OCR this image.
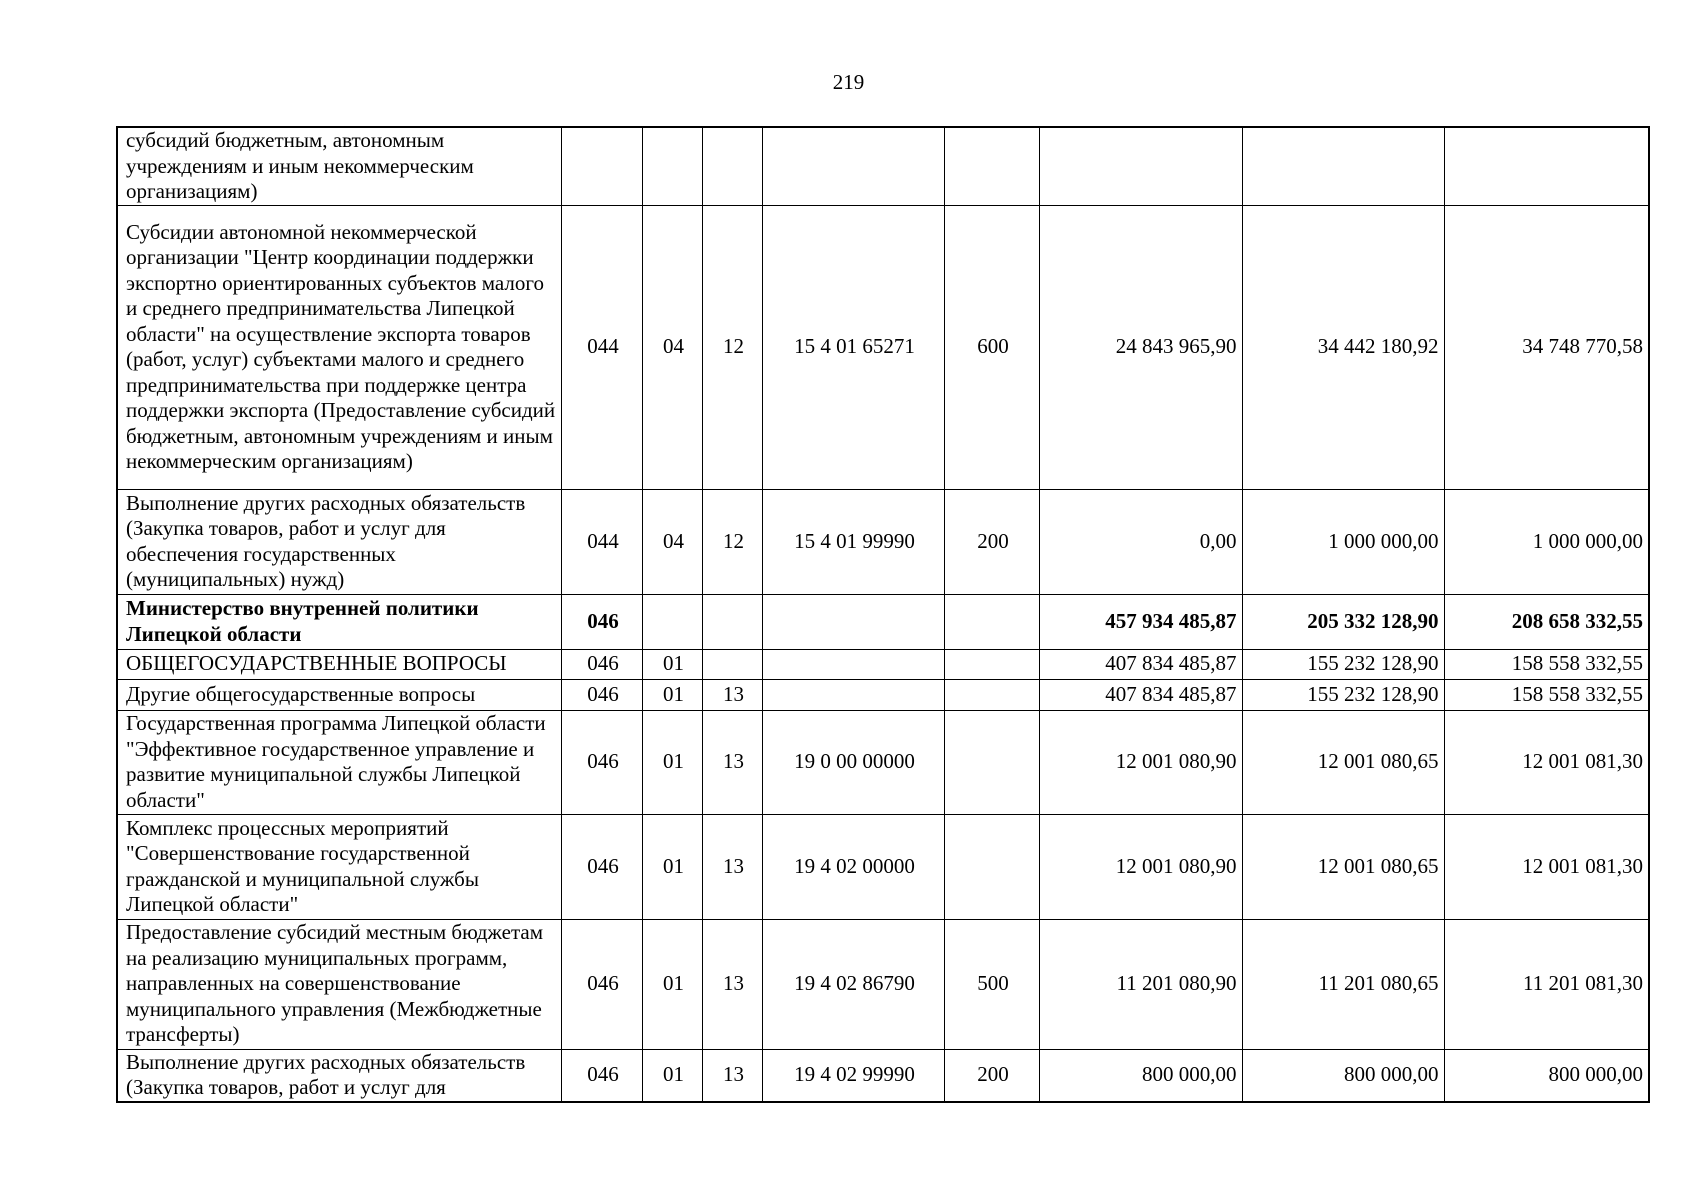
219
субсидий бюджетным, автономным учреждениям и иным некоммерческим организациям)								
Субсидии автономной некоммерческой организации "Центр координации поддержки экспортно ориентированных субъектов малого и среднего предпринимательства Липецкой области" на осуществление экспорта товаров (работ, услуг) субъектами малого и среднего предпринимательства при поддержке центра поддержки экспорта (Предоставление субсидий бюджетным, автономным учреждениям и иным некоммерческим организациям)	044	04	12	15 4 01 65271	600	24 843 965,90	34 442 180,92	34 748 770,58
Выполнение других расходных обязательств (Закупка товаров, работ и услуг для обеспечения государственных (муниципальных) нужд)	044	04	12	15 4 01 99990	200	0,00	1 000 000,00	1 000 000,00
Министерство внутренней политики Липецкой области	046					457 934 485,87	205 332 128,90	208 658 332,55
ОБЩЕГОСУДАРСТВЕННЫЕ ВОПРОСЫ	046	01				407 834 485,87	155 232 128,90	158 558 332,55
Другие общегосударственные вопросы	046	01	13			407 834 485,87	155 232 128,90	158 558 332,55
Государственная программа Липецкой области "Эффективное государственное управление и развитие муниципальной службы Липецкой области"	046	01	13	19 0 00 00000		12 001 080,90	12 001 080,65	12 001 081,30
Комплекс процессных мероприятий "Совершенствование государственной гражданской и муниципальной службы Липецкой области"	046	01	13	19 4 02 00000		12 001 080,90	12 001 080,65	12 001 081,30
Предоставление субсидий местным бюджетам на реализацию муниципальных программ, направленных на совершенствование муниципального управления (Межбюджетные трансферты)	046	01	13	19 4 02 86790	500	11 201 080,90	11 201 080,65	11 201 081,30
Выполнение других расходных обязательств (Закупка товаров, работ и услуг для	046	01	13	19 4 02 99990	200	800 000,00	800 000,00	800 000,00
